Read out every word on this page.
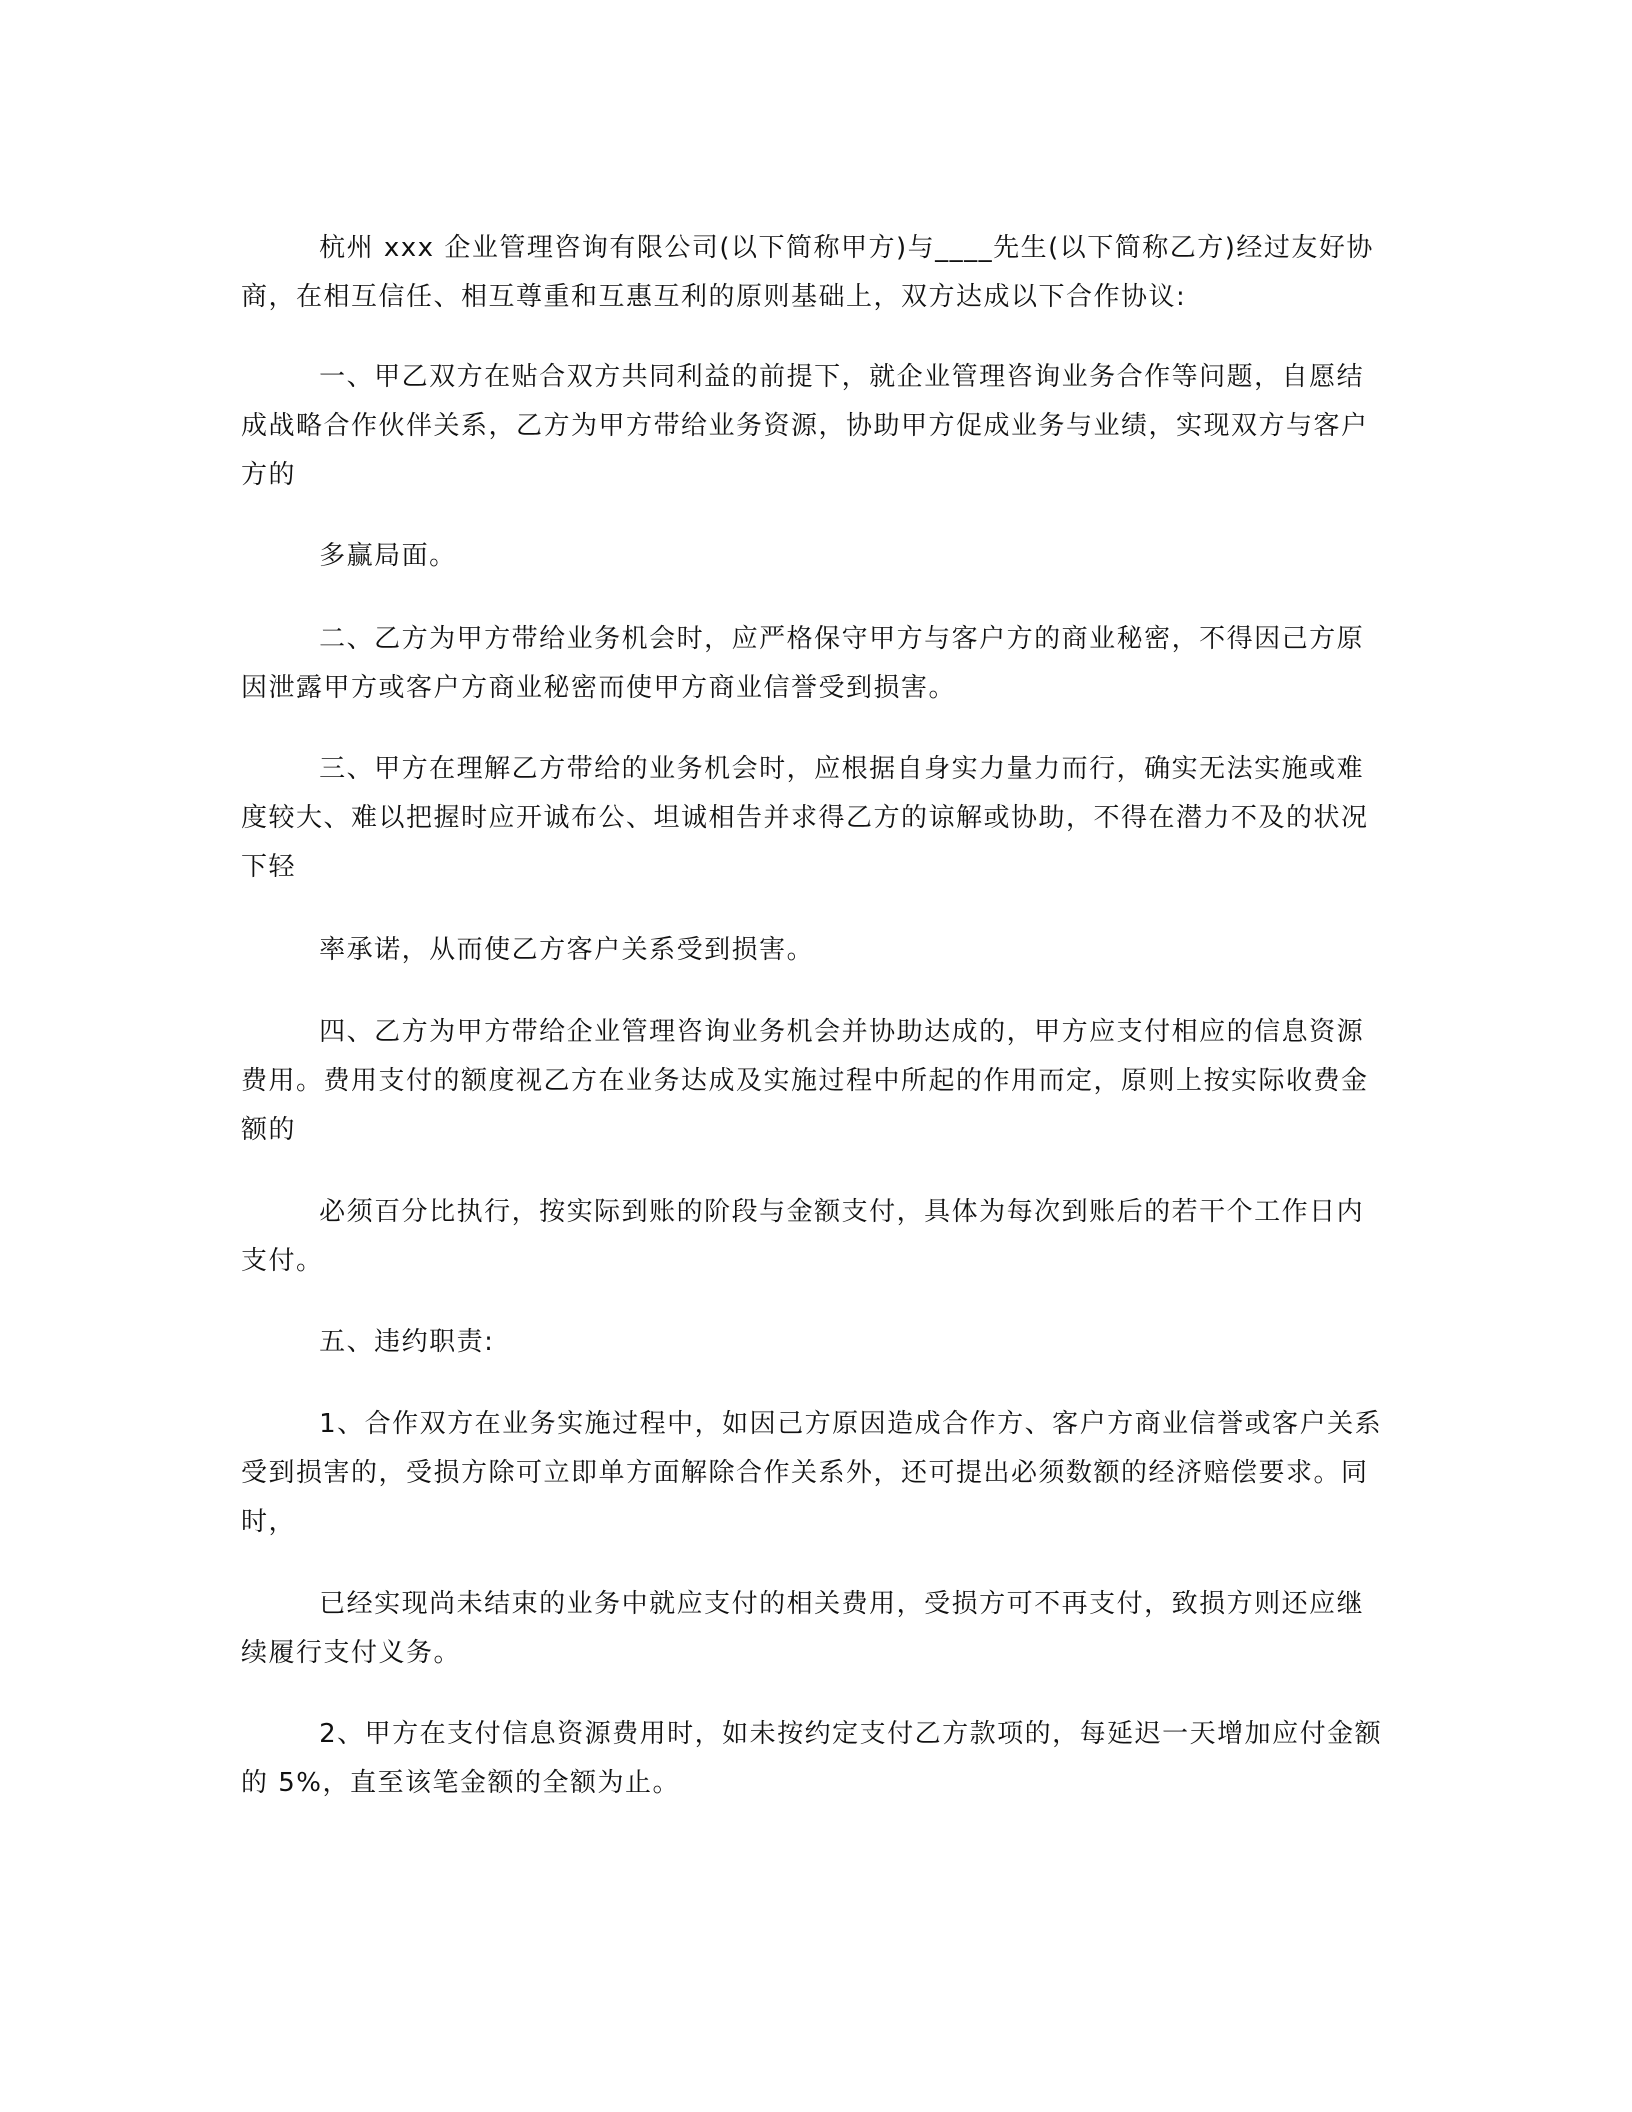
杭州 xxx 企业管理咨询有限公司(以下简称甲方)与____先生(以下简称乙方)经过友好协商，在相互信任、相互尊重和互惠互利的原则基础上，双方达成以下合作协议:

一、甲乙双方在贴合双方共同利益的前提下，就企业管理咨询业务合作等问题，自愿结成战略合作伙伴关系，乙方为甲方带给业务资源，协助甲方促成业务与业绩，实现双方与客户方的

多赢局面。

二、乙方为甲方带给业务机会时，应严格保守甲方与客户方的商业秘密，不得因己方原因泄露甲方或客户方商业秘密而使甲方商业信誉受到损害。

三、甲方在理解乙方带给的业务机会时，应根据自身实力量力而行，确实无法实施或难度较大、难以把握时应开诚布公、坦诚相告并求得乙方的谅解或协助，不得在潜力不及的状况下轻

率承诺，从而使乙方客户关系受到损害。

四、乙方为甲方带给企业管理咨询业务机会并协助达成的，甲方应支付相应的信息资源费用。费用支付的额度视乙方在业务达成及实施过程中所起的作用而定，原则上按实际收费金额的

必须百分比执行，按实际到账的阶段与金额支付，具体为每次到账后的若干个工作日内支付。

五、违约职责:

1、合作双方在业务实施过程中，如因己方原因造成合作方、客户方商业信誉或客户关系受到损害的，受损方除可立即单方面解除合作关系外，还可提出必须数额的经济赔偿要求。同时，

已经实现尚未结束的业务中就应支付的相关费用，受损方可不再支付，致损方则还应继续履行支付义务。

2、甲方在支付信息资源费用时，如未按约定支付乙方款项的，每延迟一天增加应付金额的 5%，直至该笔金额的全额为止。
